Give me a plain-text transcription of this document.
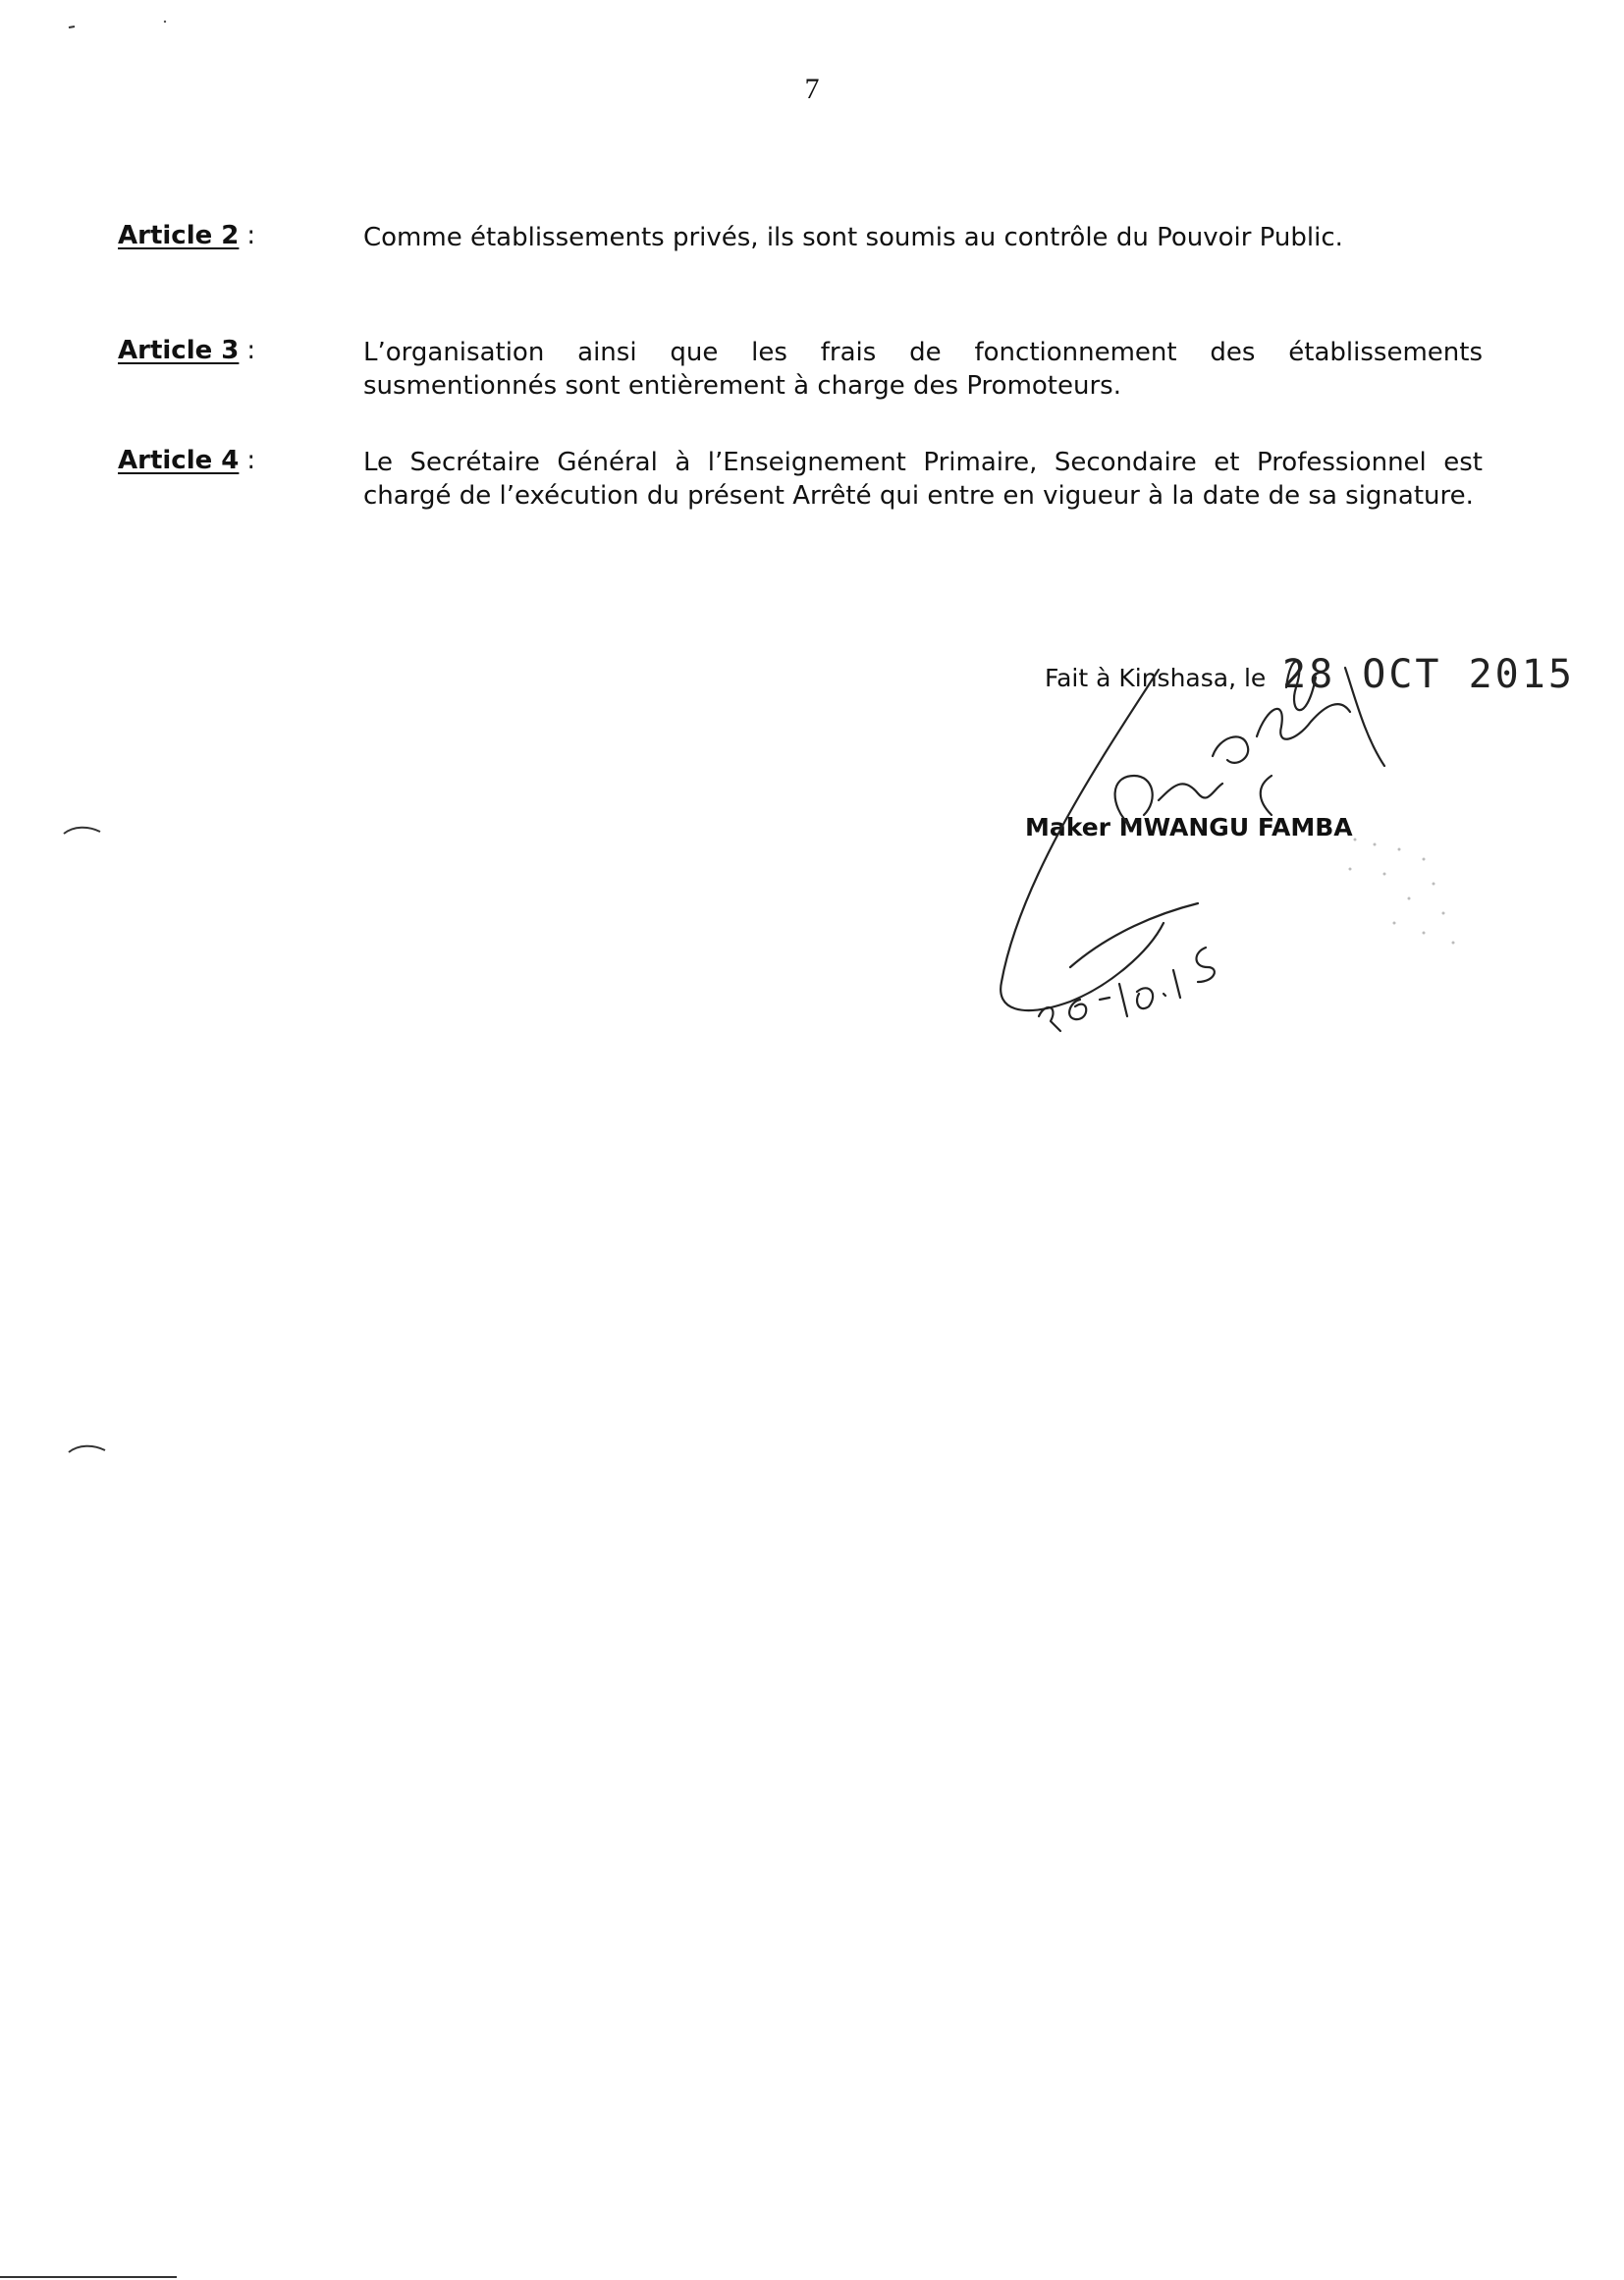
7
Article 2 :	Comme établissements privés, ils sont soumis au contrôle du Pouvoir Public.
Article 3 :	L’organisation ainsi que les frais de fonctionnement des établissements susmentionnés sont entièrement à charge des Promoteurs.
Article 4 :	Le Secrétaire Général à l’Enseignement Primaire, Secondaire et Professionnel est chargé de l’exécution du présent Arrêté qui entre en vigueur à la date de sa signature.
Fait à Kinshasa, le 28 OCT 2015
Maker MWANGU FAMBA
